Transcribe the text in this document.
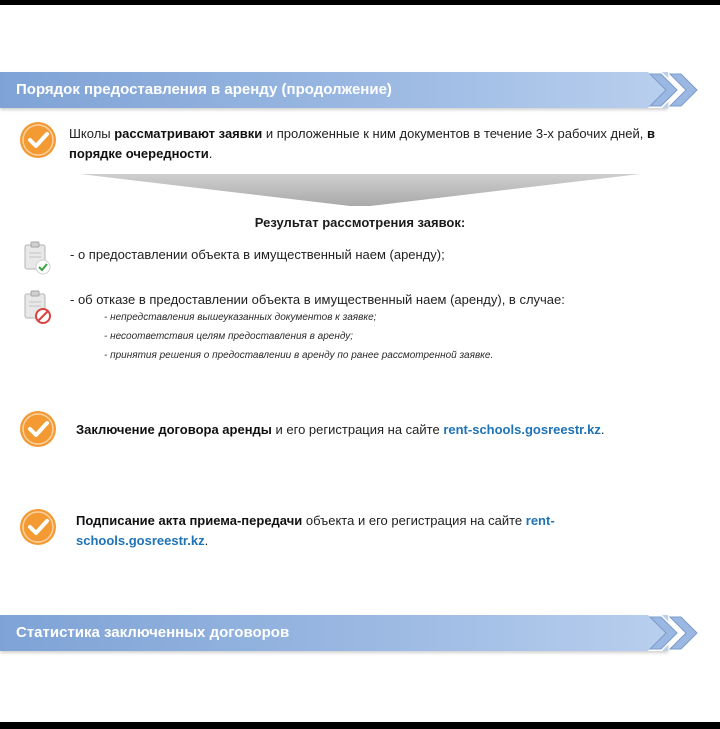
Порядок предоставления в аренду (продолжение)
Школы рассматривают заявки и проложенные к ним документов в течение 3-х рабочих дней, в порядке очередности.
Результат рассмотрения заявок:
- о предоставлении объекта в имущественный наем (аренду);
- об отказе в предоставлении объекта в имущественный наем (аренду), в случае:
- непредставления вышеуказанных документов к заявке;
- несоответствия целям предоставления в аренду;
- принятия решения о предоставлении в аренду по ранее рассмотренной заявке.
Заключение договора аренды и его регистрация на сайте rent-schools.gosreestr.kz.
Подписание акта приема-передачи объекта и его регистрация на сайте rent-schools.gosreestr.kz.
Статистика заключенных договоров
